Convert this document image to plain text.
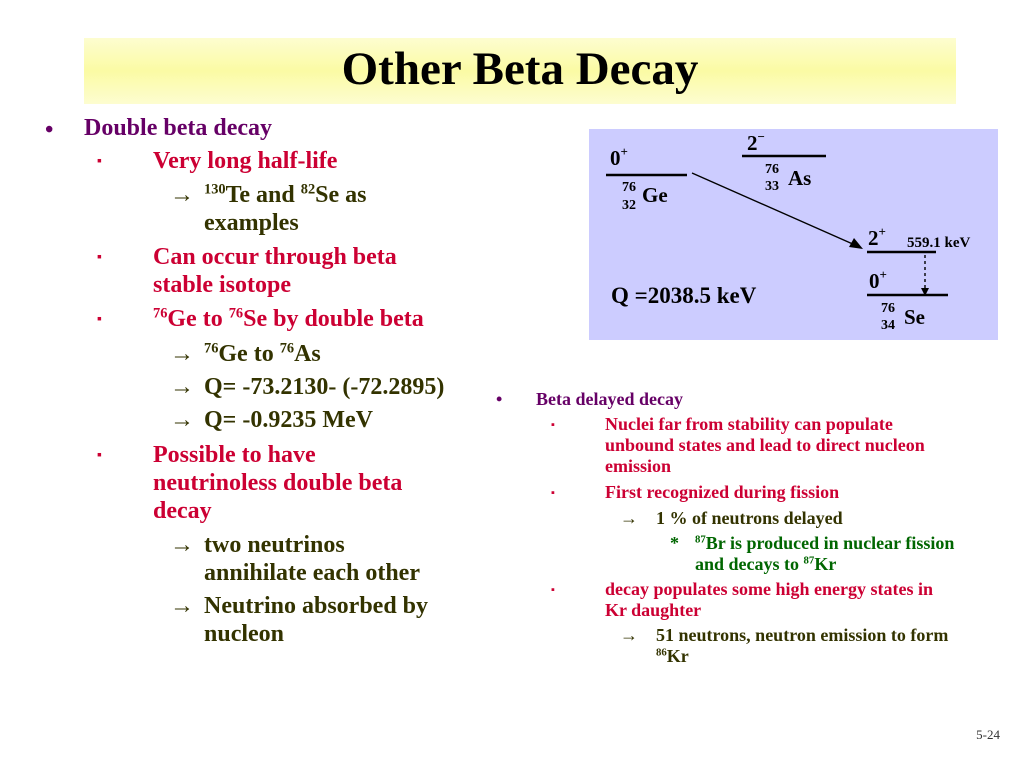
Other Beta Decay
• Double beta decay
▪ Very long half-life
→ $^{130}$Te and $^{82}$Se as
examples
▪ Can occur through beta
stable isotope
▪	$^{76}$Ge to $^{76}$Se by double beta
→ $^{76}$Ge to $^{76}$As
→ Q= -73.2130- (-72.2895)
→ Q= -0.9235 MeV
▪ Possible to have
neutrinoless double beta
decay
→ two neutrinos
annihilate each other
→ Neutrino absorbed by
nucleon
0+
76
32 Ge
2−
76
33 As
2+
559.1 keV
0+
76
34 Se
Q =2038.5 keV
• Beta delayed decay
▪	Nuclei far from stability can populate
unbound states and lead to direct nucleon
emission
▪	First recognized during fission
→ 1 % of neutrons delayed
* $^{87}$Br is produced in nuclear fission
and decays to $^{87}$Kr
▪	decay populates some high energy states in
Kr daughter
→ 51 neutrons, neutron emission to form
$^{86}$Kr
5-24
